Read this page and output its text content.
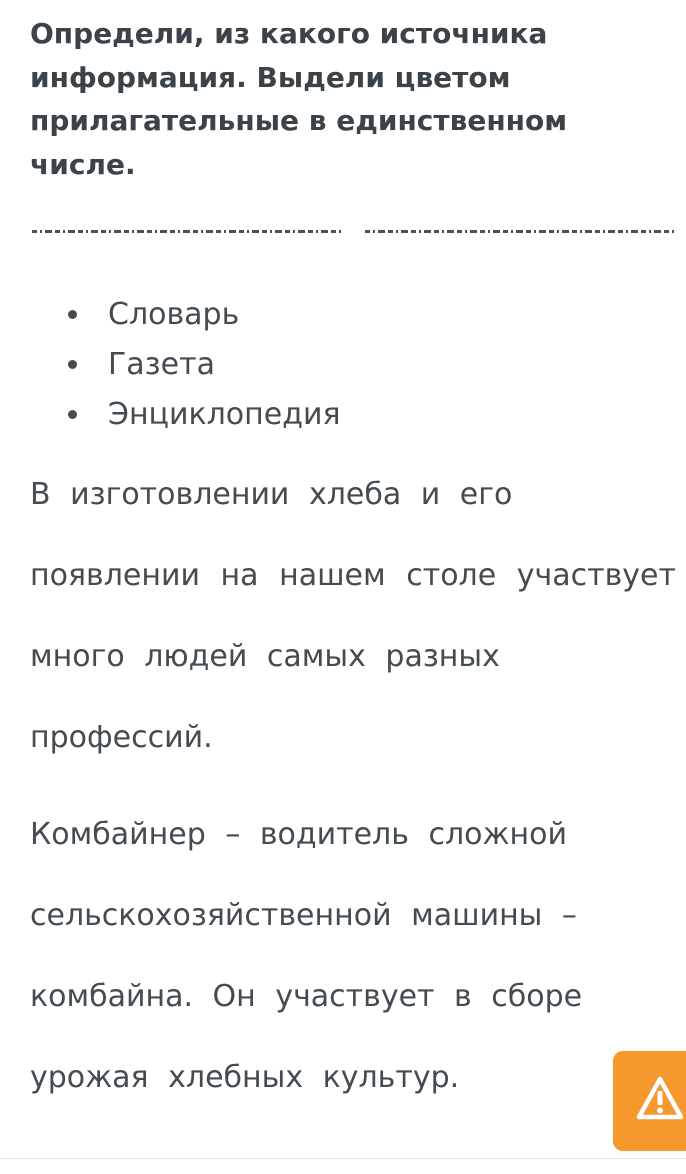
Определи, из какого источника информация. Выдели цветом прилагательные в единственном числе.
Словарь
Газета
Энциклопедия

В изготовлении хлеба и его
появлении на нашем столе участвует
много людей самых разных
профессий.

Комбайнер – водитель сложной
сельскохозяйственной машины –
комбайна. Он участвует в сборе
урожая хлебных культур.
